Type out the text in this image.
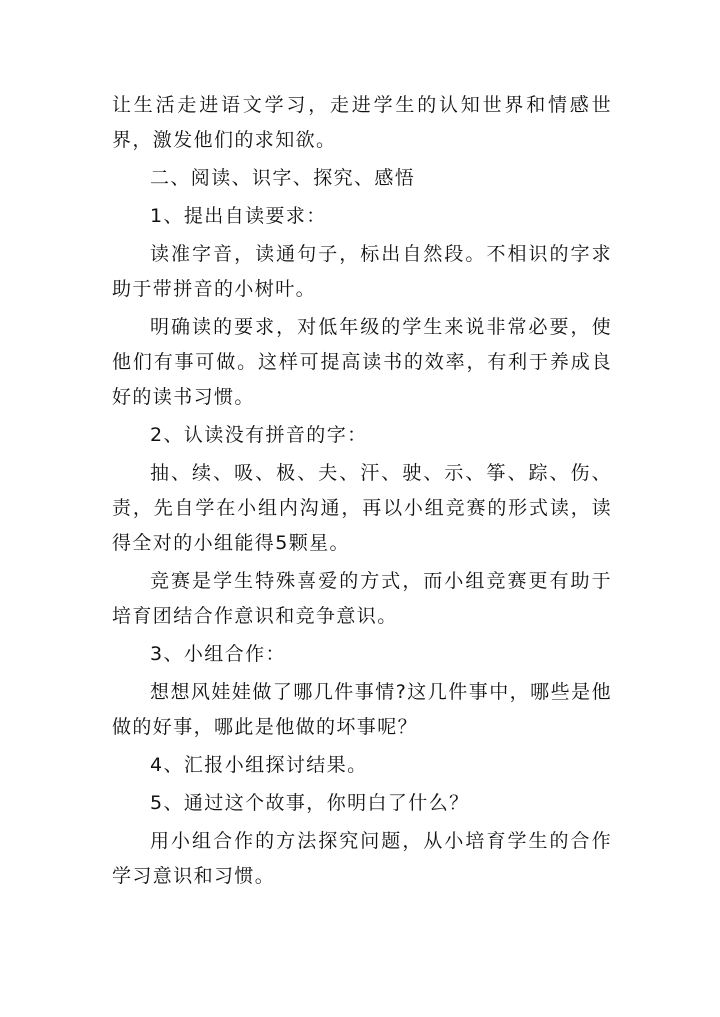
让生活走进语文学习，走进学生的认知世界和情感世界，激发他们的求知欲。

二、阅读、识字、探究、感悟

1、提出自读要求：

读准字音，读通句子，标出自然段。不相识的字求助于带拼音的小树叶。

明确读的要求，对低年级的学生来说非常必要，使他们有事可做。这样可提高读书的效率，有利于养成良好的读书习惯。

2、认读没有拼音的字：

抽、续、吸、极、夫、汗、驶、示、筝、踪、伤、责，先自学在小组内沟通，再以小组竞赛的形式读，读得全对的小组能得5颗星。

竞赛是学生特殊喜爱的方式，而小组竞赛更有助于培育团结合作意识和竞争意识。

3、小组合作：

想想风娃娃做了哪几件事情?这几件事中，哪些是他做的好事，哪此是他做的坏事呢？

4、汇报小组探讨结果。

5、通过这个故事，你明白了什么？

用小组合作的方法探究问题，从小培育学生的合作学习意识和习惯。
